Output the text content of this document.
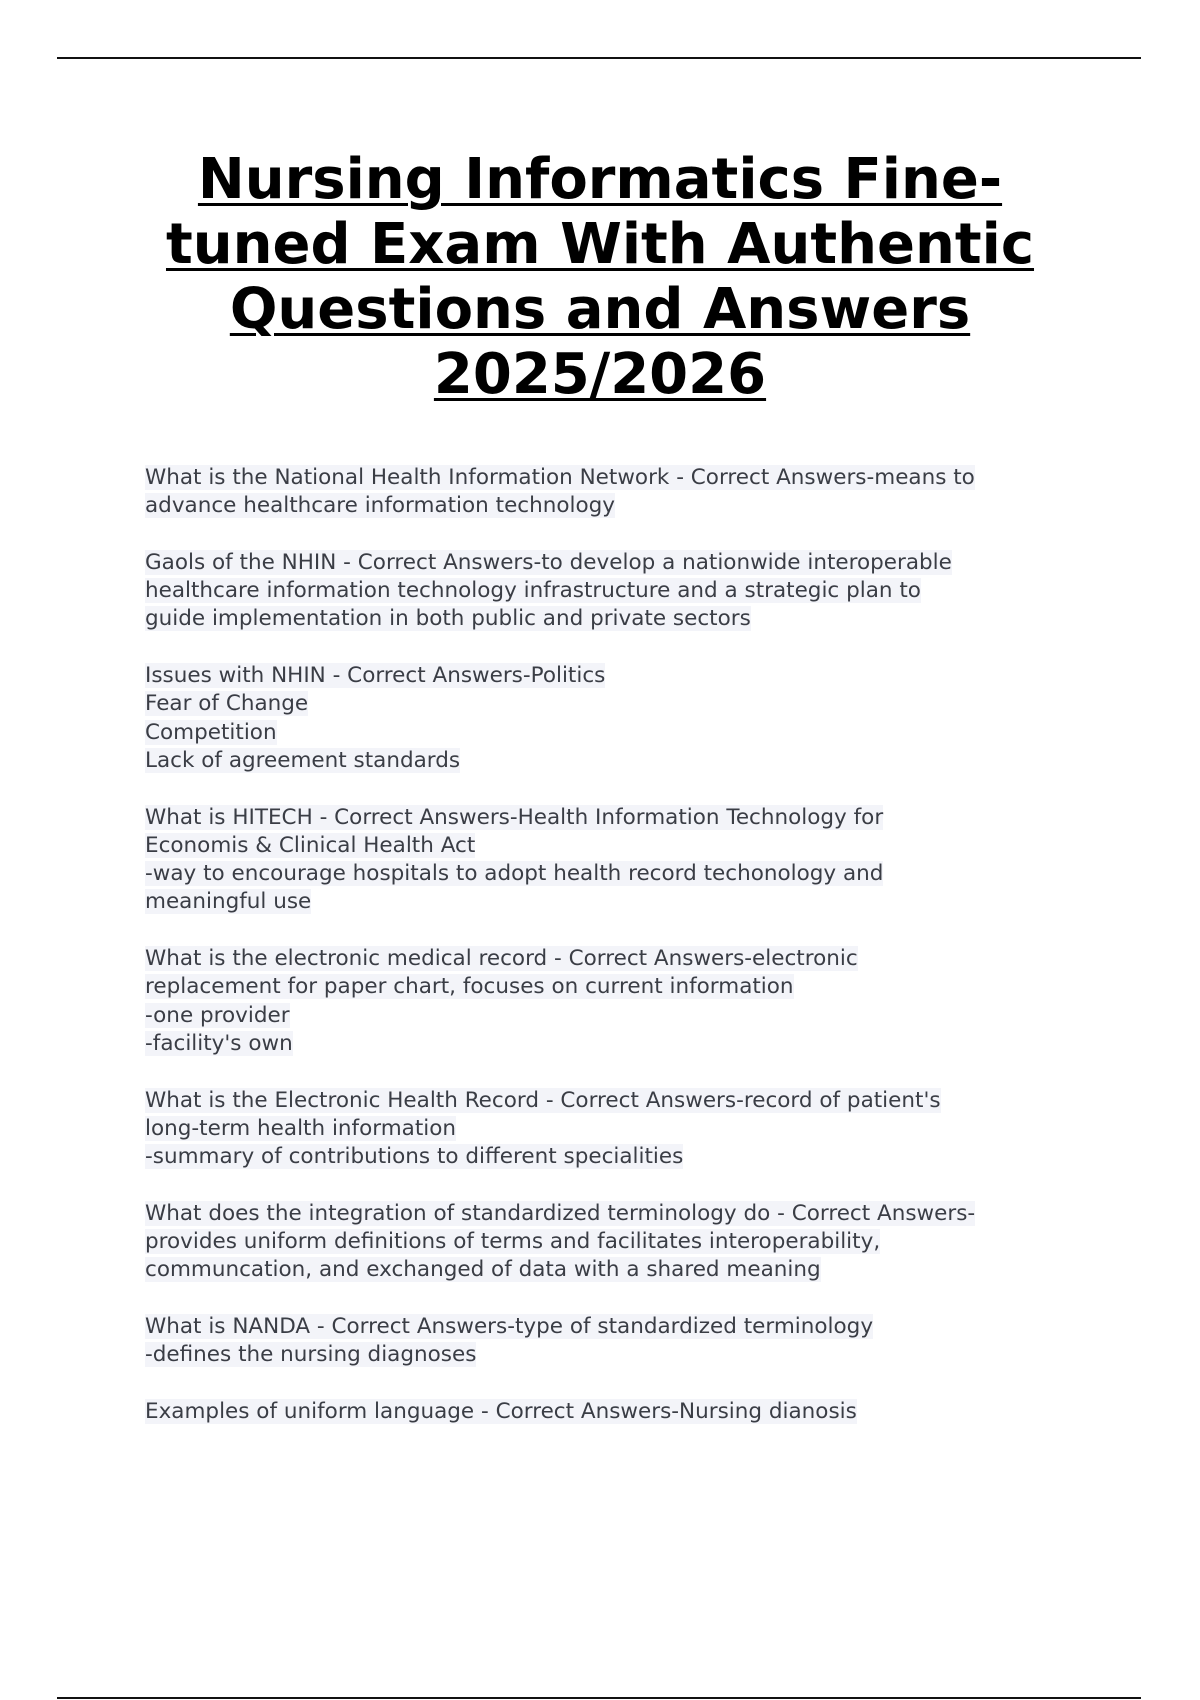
Nursing Informatics Fine-
tuned Exam With Authentic
Questions and Answers
2025/2026
What is the National Health Information Network - Correct Answers-means to
advance healthcare information technology
Gaols of the NHIN - Correct Answers-to develop a nationwide interoperable
healthcare information technology infrastructure and a strategic plan to
guide implementation in both public and private sectors
Issues with NHIN - Correct Answers-Politics
Fear of Change
Competition
Lack of agreement standards
What is HITECH - Correct Answers-Health Information Technology for
Economis & Clinical Health Act
-way to encourage hospitals to adopt health record techonology and
meaningful use
What is the electronic medical record - Correct Answers-electronic
replacement for paper chart, focuses on current information
-one provider
-facility's own
What is the Electronic Health Record - Correct Answers-record of patient's
long-term health information
-summary of contributions to different specialities
What does the integration of standardized terminology do - Correct Answers-
provides uniform definitions of terms and facilitates interoperability,
communcation, and exchanged of data with a shared meaning
What is NANDA - Correct Answers-type of standardized terminology
-defines the nursing diagnoses
Examples of uniform language - Correct Answers-Nursing dianosis
